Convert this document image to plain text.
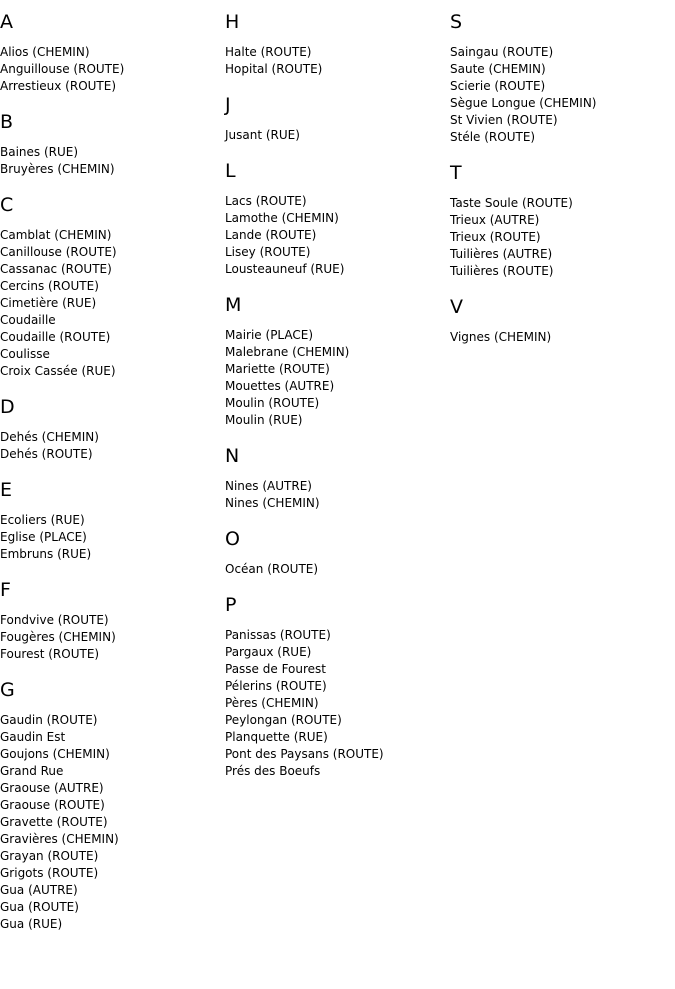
A
Alios (CHEMIN)
Anguillouse (ROUTE)
Arrestieux (ROUTE)
B
Baines (RUE)
Bruyères (CHEMIN)
C
Camblat (CHEMIN)
Canillouse (ROUTE)
Cassanac (ROUTE)
Cercins (ROUTE)
Cimetière (RUE)
Coudaille
Coudaille (ROUTE)
Coulisse
Croix Cassée (RUE)
D
Dehés (CHEMIN)
Dehés (ROUTE)
E
Ecoliers (RUE)
Eglise (PLACE)
Embruns (RUE)
F
Fondvive (ROUTE)
Fougères (CHEMIN)
Fourest (ROUTE)
G
Gaudin (ROUTE)
Gaudin Est
Goujons (CHEMIN)
Grand Rue
Graouse (AUTRE)
Graouse (ROUTE)
Gravette (ROUTE)
Gravières (CHEMIN)
Grayan (ROUTE)
Grigots (ROUTE)
Gua (AUTRE)
Gua (ROUTE)
Gua (RUE)
H
Halte (ROUTE)
Hopital (ROUTE)
J
Jusant (RUE)
L
Lacs (ROUTE)
Lamothe (CHEMIN)
Lande (ROUTE)
Lisey (ROUTE)
Lousteauneuf (RUE)
M
Mairie (PLACE)
Malebrane (CHEMIN)
Mariette (ROUTE)
Mouettes (AUTRE)
Moulin (ROUTE)
Moulin (RUE)
N
Nines (AUTRE)
Nines (CHEMIN)
O
Océan (ROUTE)
P
Panissas (ROUTE)
Pargaux (RUE)
Passe de Fourest
Pélerins (ROUTE)
Pères (CHEMIN)
Peylongan (ROUTE)
Planquette (RUE)
Pont des Paysans (ROUTE)
Prés des Boeufs
S
Saingau (ROUTE)
Saute (CHEMIN)
Scierie (ROUTE)
Sègue Longue (CHEMIN)
St Vivien (ROUTE)
Stéle (ROUTE)
T
Taste Soule (ROUTE)
Trieux (AUTRE)
Trieux (ROUTE)
Tuilières (AUTRE)
Tuilières (ROUTE)
V
Vignes (CHEMIN)
